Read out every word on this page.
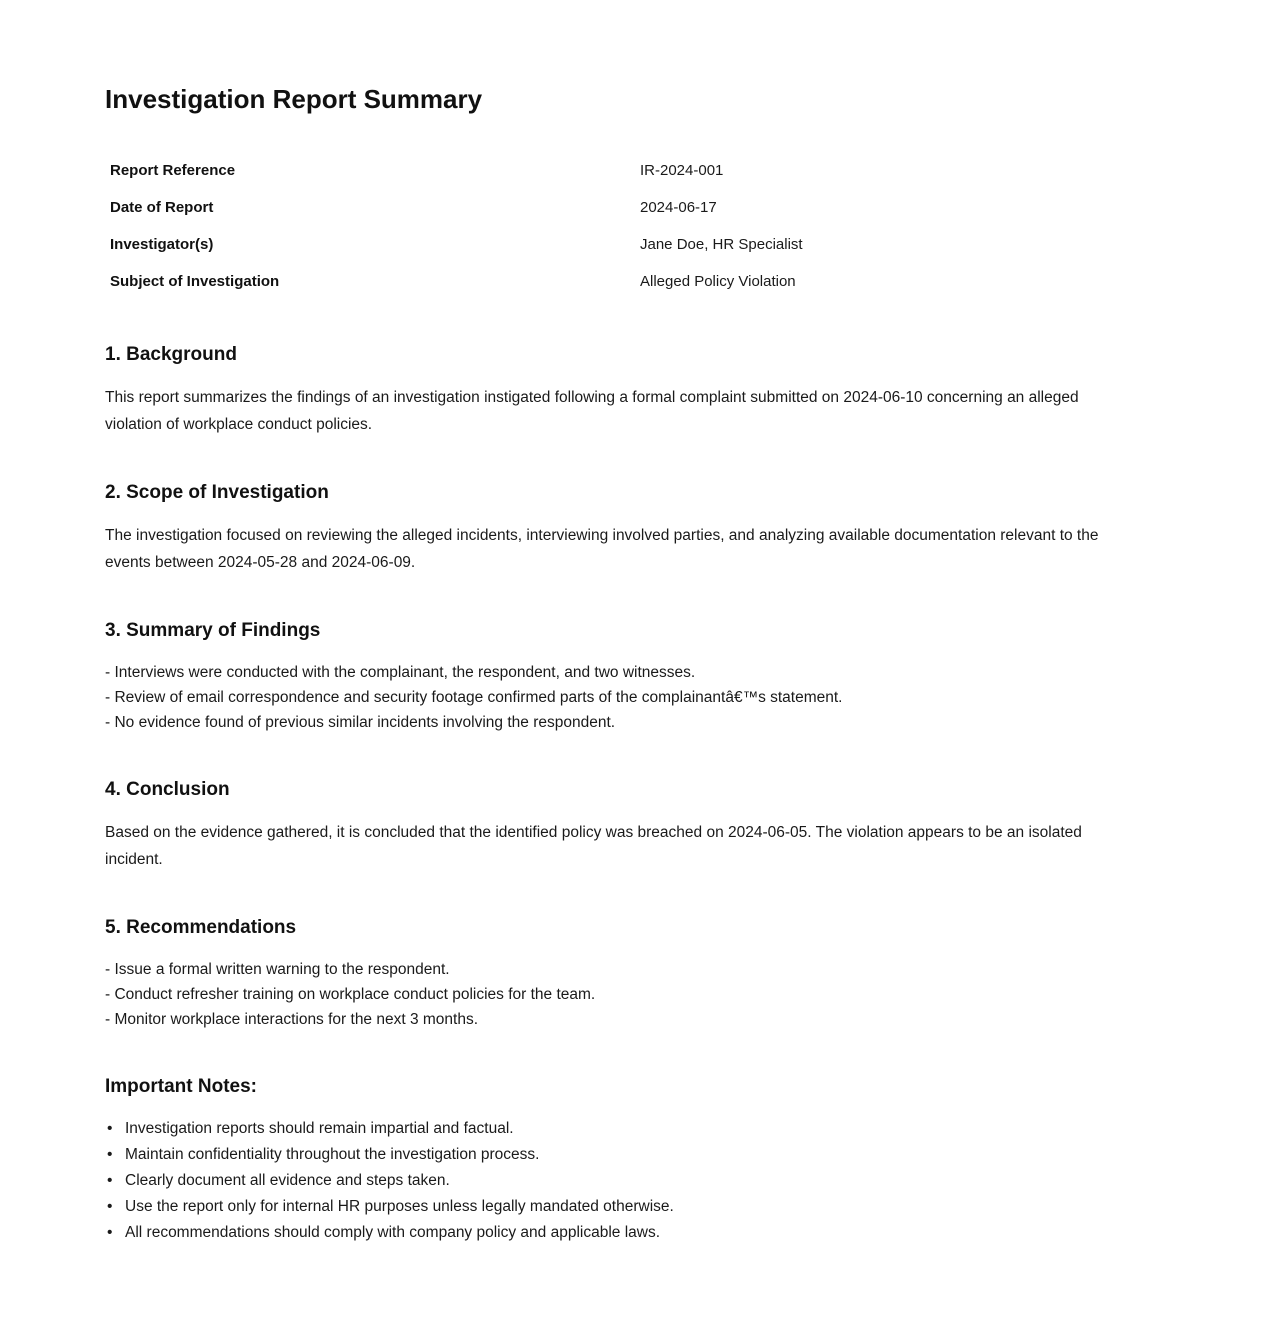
Investigation Report Summary
Report Reference	IR-2024-001
Date of Report	2024-06-17
Investigator(s)	Jane Doe, HR Specialist
Subject of Investigation	Alleged Policy Violation
1. Background

This report summarizes the findings of an investigation instigated following a formal complaint submitted on 2024-06-10 concerning an alleged violation of workplace conduct policies.

2. Scope of Investigation

The investigation focused on reviewing the alleged incidents, interviewing involved parties, and analyzing available documentation relevant to the events between 2024-05-28 and 2024-06-09.

3. Summary of Findings
- Interviews were conducted with the complainant, the respondent, and two witnesses.
- Review of email correspondence and security footage confirmed parts of the complainantâ€™s statement.
- No evidence found of previous similar incidents involving the respondent.
4. Conclusion

Based on the evidence gathered, it is concluded that the identified policy was breached on 2024-06-05. The violation appears to be an isolated incident.

5. Recommendations
- Issue a formal written warning to the respondent.
- Conduct refresher training on workplace conduct policies for the team.
- Monitor workplace interactions for the next 3 months.
Important Notes:
• Investigation reports should remain impartial and factual.
• Maintain confidentiality throughout the investigation process.
• Clearly document all evidence and steps taken.
• Use the report only for internal HR purposes unless legally mandated otherwise.
• All recommendations should comply with company policy and applicable laws.
